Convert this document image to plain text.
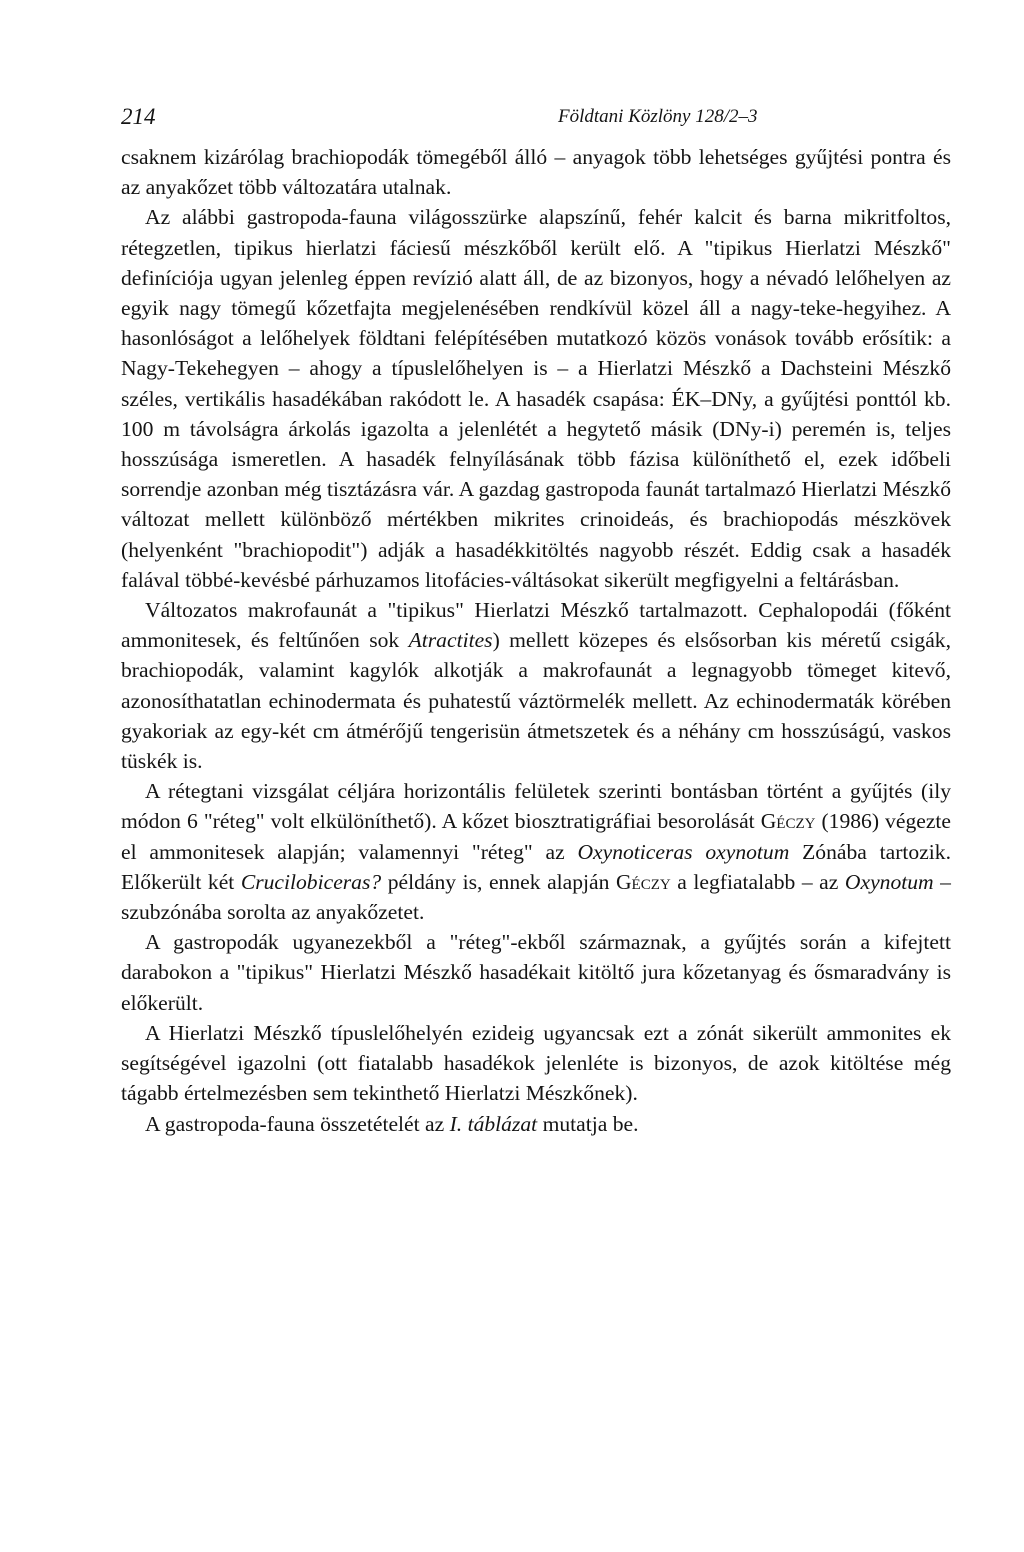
214	Földtani Közlöny 128/2–3

csaknem kizárólag brachiopodák tömegéből álló – anyagok több lehetséges gyűjtési pontra és az anyakőzet több változatára utalnak.

Az alábbi gastropoda-fauna világosszürke alapszínű, fehér kalcit és barna mikritfoltos, rétegzetlen, tipikus hierlatzi fáciesű mészkőből került elő. A "tipikus Hierlatzi Mészkő" definíciója ugyan jelenleg éppen revízió alatt áll, de az bizonyos, hogy a névadó lelőhelyen az egyik nagy tömegű kőzetfajta megjelenésében rendkívül közel áll a nagy-teke-hegyihez. A hasonlóságot a lelőhelyek földtani felépítésében mutatkozó közös vonások tovább erősítik: a Nagy-Tekehegyen – ahogy a típuslelőhelyen is – a Hierlatzi Mészkő a Dachsteini Mészkő széles, vertikális hasadékában rakódott le. A hasadék csapása: ÉK–DNy, a gyűjtési ponttól kb. 100 m távolságra árkolás igazolta a jelenlétét a hegytető másik (DNy-i) peremén is, teljes hosszúsága ismeretlen. A hasadék felnyílásának több fázisa különíthető el, ezek időbeli sorrendje azonban még tisztázásra vár. A gazdag gastropoda faunát tartalmazó Hierlatzi Mészkő változat mellett különböző mértékben mikrites crinoideás, és brachiopodás mészkövek (helyenként "brachiopodit") adják a hasadékkitöltés nagyobb részét. Eddig csak a hasadék falával többé-kevésbé párhuzamos litofácies-váltásokat sikerült megfigyelni a feltárásban.

Változatos makrofaunát a "tipikus" Hierlatzi Mészkő tartalmazott. Cephalopodái (főként ammonitesek, és feltűnően sok Atractites) mellett közepes és elsősorban kis méretű csigák, brachiopodák, valamint kagylók alkotják a makrofaunát a legnagyobb tömeget kitevő, azonosíthatatlan echinodermata és puhatestű váztörmelék mellett. Az echinodermaták körében gyakoriak az egy-két cm átmérőjű tengerisün átmetszetek és a néhány cm hosszúságú, vaskos tüskék is.

A rétegtani vizsgálat céljára horizontális felületek szerinti bontásban történt a gyűjtés (ily módon 6 "réteg" volt elkülöníthető). A kőzet biosztratigráfiai besorolását Géczy (1986) végezte el ammonitesek alapján; valamennyi "réteg" az Oxynoticeras oxynotum Zónába tartozik. Előkerült két Crucilobiceras? példány is, ennek alapján Géczy a legfiatalabb – az Oxynotum – szubzónába sorolta az anyakőzetet.

A gastropodák ugyanezekből a "réteg"-ekből származnak, a gyűjtés során a kifejtett darabokon a "tipikus" Hierlatzi Mészkő hasadékait kitöltő jura kőzetanyag és ősmaradvány is előkerült.

A Hierlatzi Mészkő típuslelőhelyén ezideig ugyancsak ezt a zónát sikerült ammonites ek segítségével igazolni (ott fiatalabb hasadékok jelenléte is bizonyos, de azok kitöltése még tágabb értelmezésben sem tekinthető Hierlatzi Mészkőnek).

A gastropoda-fauna összetételét az I. táblázat mutatja be.
